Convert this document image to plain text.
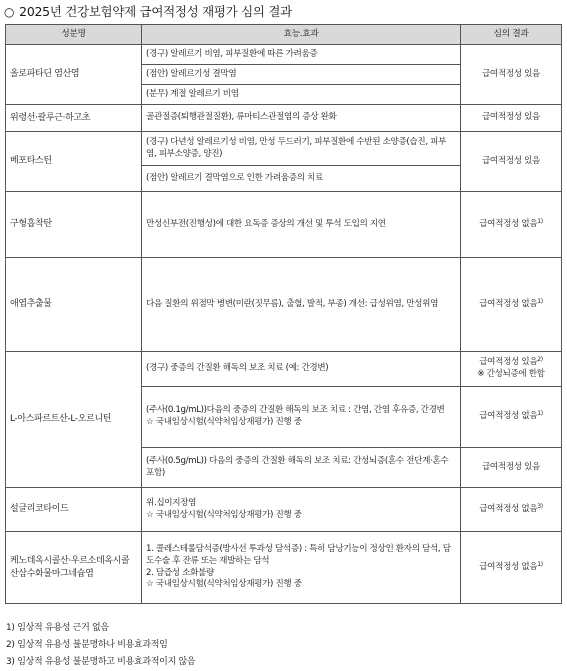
○ 2025년 건강보험약제 급여적정성 재평가 심의 결과
성분명	효능.효과	심의 결과
올로파타딘 염산염	(경구) 알레르기 비염, 피부질환에 따른 가려움증	급여적정성 있음
	(점안) 알레르기성 결막염	
	(분무) 계절 알레르기 비염	
위령선·괄루근·하고초	골관절증(퇴행관절질환), 류마티스관절염의 증상 완화	급여적정성 있음
베포타스틴	(경구) 다년성 알레르기성 비염, 만성 두드러기, 피부질환에 수반된 소양증(습진, 피부염, 피부소양증, 양진)	급여적정성 있음
	(점안) 알레르기 결막염으로 인한 가려움증의 치료	
구형흡착탄	만성신부전(진행성)에 대한 요독증 증상의 개선 및 투석 도입의 지연	급여적정성 없음$^{1)}$
애엽추출물	다음 질환의 위점막 병변(미란(짓무름), 출혈, 발적, 부종) 개선: 급성위염, 만성위염	급여적정성 없음$^{1)}$
L-아스파르트산-L-오르니틴	(경구) 중증의 간질환 해독의 보조 치료 (예: 간경변)	급여적정성 있음$^{2)}$
※ 간성뇌증에 한함

	(주사(0.1g/mL))다음의 중증의 간질환 해독의 보조 치료 : 간염, 간염 후유증, 간경변
☆ 국내임상시험(식약처임상재평가) 진행 중	급여적정성 없음$^{1)}$
	(주사(0.5g/mL)) 다음의 중증의 간질환 해독의 보조 치료: 간성뇌증(혼수 전단계·혼수포함)	급여적정성 있음
설글리코타이드	위.십이지장염
☆ 국내임상시험(식약처임상재평가) 진행 중	급여적정성 없음$^{3)}$
케노데옥시콜산·우르소데옥시콜산삼수화물마그네슘염	1. 콜레스테롤담석증(방사선 투과성 담석증) : 특히 담낭기능이 정상인 환자의 담석, 담도수술 후 잔류 또는 재발하는 담석
2. 담즙성 소화불량
☆ 국내임상시험(식약처임상재평가) 진행 중	급여적정성 없음$^{1)}$
1) 임상적 유용성 근거 없음
2) 임상적 유용성 불분명하나 비용효과적임
3) 임상적 유용성 불분명하고 비용효과적이지 않음
